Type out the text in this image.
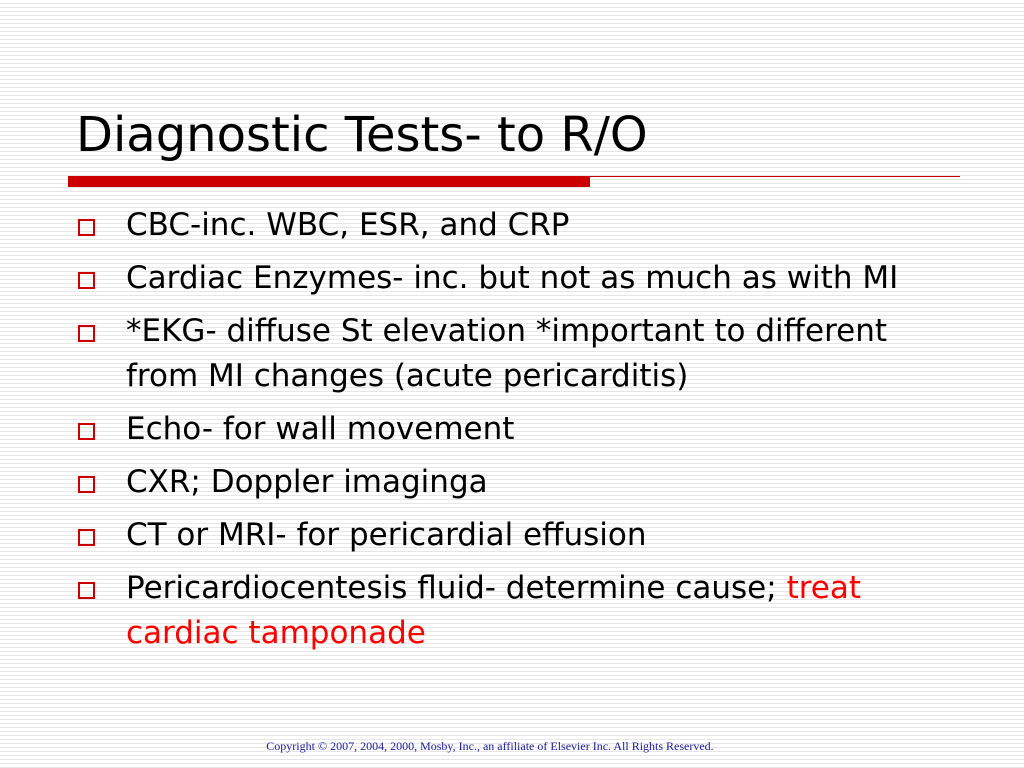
Diagnostic Tests- to R/O
CBC-inc. WBC, ESR, and CRP
Cardiac Enzymes- inc. but not as much as with MI
*EKG- diffuse St elevation *important to different from MI changes (acute pericarditis)
Echo- for wall movement
CXR; Doppler imaginga
CT or MRI- for pericardial effusion
Pericardiocentesis fluid- determine cause; treat cardiac tamponade
Copyright © 2007, 2004, 2000, Mosby, Inc., an affiliate of Elsevier Inc. All Rights Reserved.
